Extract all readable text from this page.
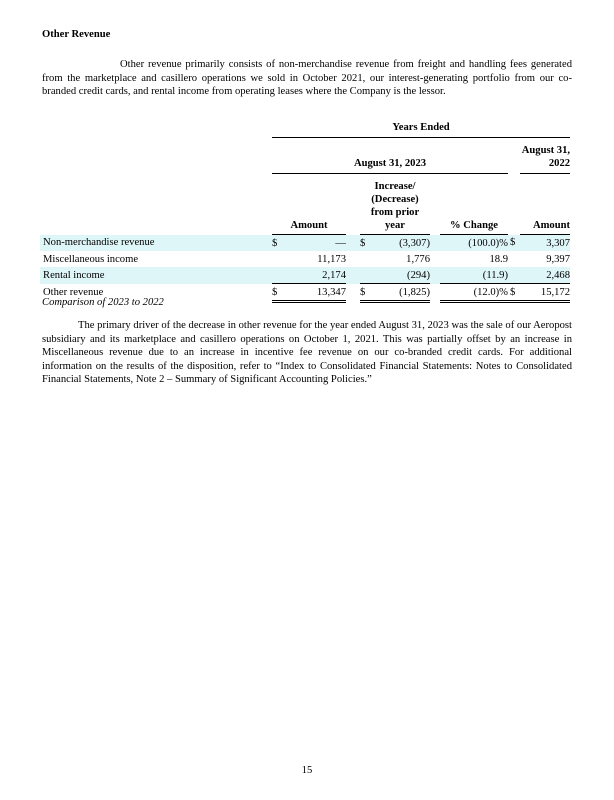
Other Revenue

Other revenue primarily consists of non-merchandise revenue from freight and handling fees generated from the marketplace and casillero operations we sold in October 2021, our interest-generating portfolio from our co-branded credit cards, and rental income from operating leases where the Company is the lessor.

	Years Ended								
	August 31, 2023								August 31, 2022
	Amount			Increase/ (Decrease) from prior year			% Change		Amount
Non-merchandise revenue	$	—		$	(3,307)		(100.0)%	$	3,307
Miscellaneous income		11,173			1,776		18.9		9,397
Rental income		2,174			(294)		(11.9)		2,468
Other revenue	$	13,347		$	(1,825)		(12.0)%	$	15,172
Comparison of 2023 to 2022

The primary driver of the decrease in other revenue for the year ended August 31, 2023 was the sale of our Aeropost subsidiary and its marketplace and casillero operations on October 1, 2021. This was partially offset by an increase in Miscellaneous revenue due to an increase in incentive fee revenue on our co-branded credit cards. For additional information on the results of the disposition, refer to “Index to Consolidated Financial Statements: Notes to Consolidated Financial Statements, Note 2 – Summary of Significant Accounting Policies.”

15
